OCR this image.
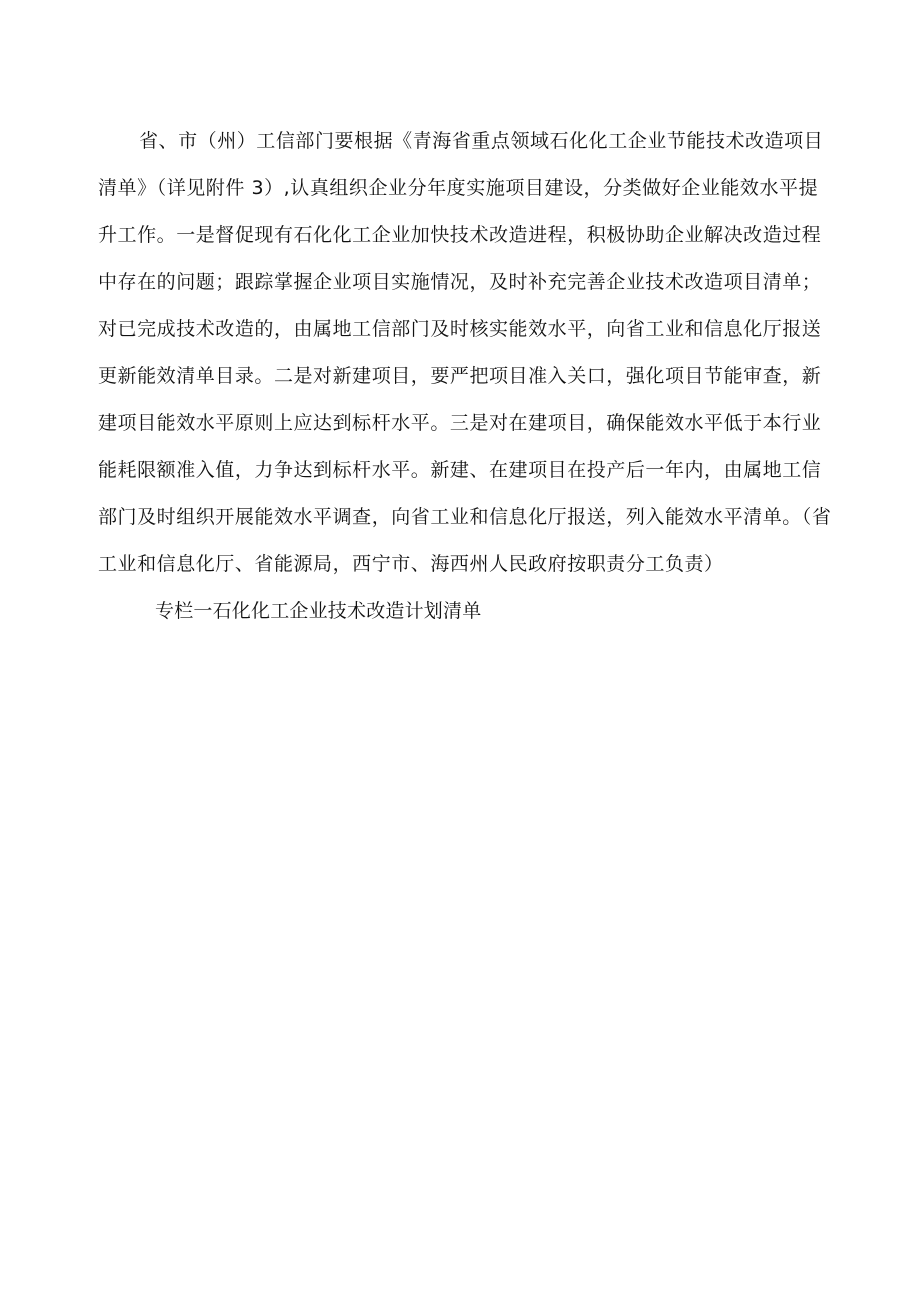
省、市（州）工信部门要根据《青海省重点领域石化化工企业节能技术改造项目
清单》（详见附件 3）,认真组织企业分年度实施项目建设，分类做好企业能效水平提
升工作。一是督促现有石化化工企业加快技术改造进程，积极协助企业解决改造过程
中存在的问题；跟踪掌握企业项目实施情况，及时补充完善企业技术改造项目清单；
对已完成技术改造的，由属地工信部门及时核实能效水平，向省工业和信息化厅报送
更新能效清单目录。二是对新建项目，要严把项目准入关口，强化项目节能审查，新
建项目能效水平原则上应达到标杆水平。三是对在建项目，确保能效水平低于本行业
能耗限额准入值，力争达到标杆水平。新建、在建项目在投产后一年内，由属地工信
部门及时组织开展能效水平调查，向省工业和信息化厅报送，列入能效水平清单。（省
工业和信息化厅、省能源局，西宁市、海西州人民政府按职责分工负责）
专栏一石化化工企业技术改造计划清单
